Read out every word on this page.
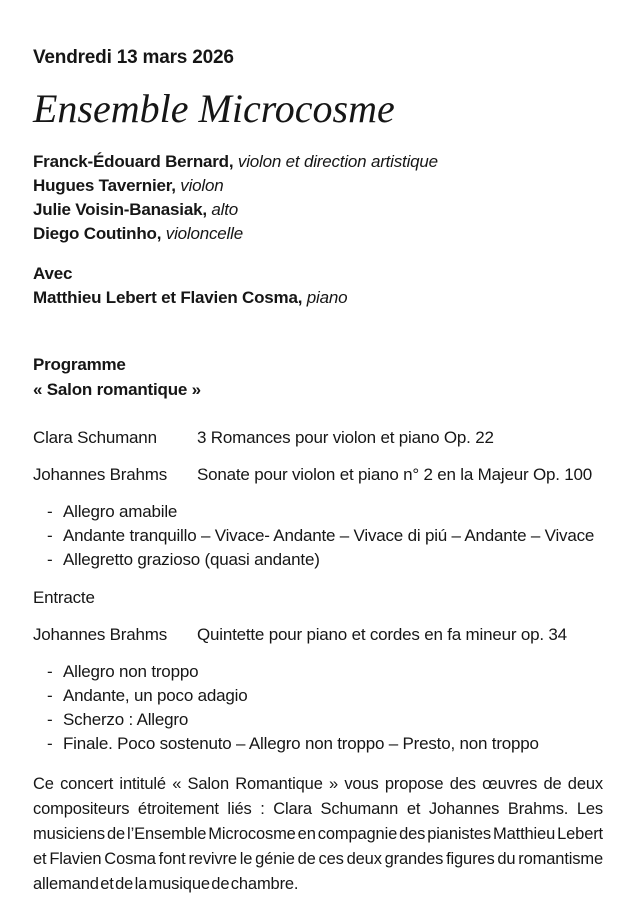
Vendredi 13 mars 2026
Ensemble Microcosme
Franck-Édouard Bernard, violon et direction artistique
Hugues Tavernier, violon
Julie Voisin-Banasiak, alto
Diego Coutinho, violoncelle
Avec
Matthieu Lebert et Flavien Cosma, piano
Programme
« Salon romantique »
Clara Schumann	3 Romances pour violon et piano Op. 22
Johannes Brahms	Sonate pour violon et piano n° 2 en la Majeur Op. 100
- Allegro amabile
- Andante tranquillo – Vivace- Andante – Vivace di piú – Andante – Vivace
- Allegretto grazioso (quasi andante)
Entracte
Johannes Brahms	Quintette pour piano et cordes en fa mineur op. 34
- Allegro non troppo
- Andante, un poco adagio
- Scherzo : Allegro
- Finale. Poco sostenuto – Allegro non troppo – Presto, non troppo

Ce concert intitulé « Salon Romantique » vous propose des œuvres de deux compositeurs étroitement liés : Clara Schumann et Johannes Brahms. Les musiciens de l’Ensemble Microcosme en compagnie des pianistes Matthieu Lebert et Flavien Cosma font revivre le génie de ces deux grandes figures du romantisme allemand et de la musique de chambre.
